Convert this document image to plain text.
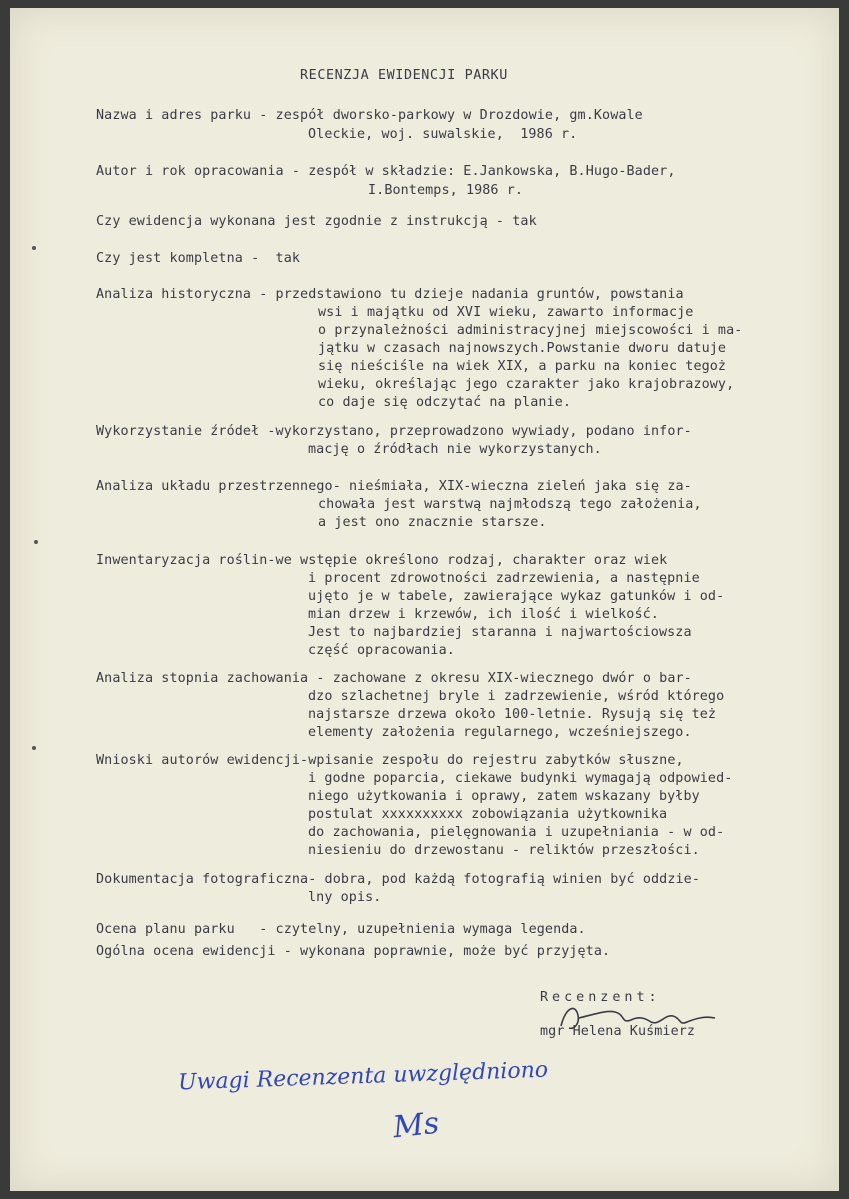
RECENZJA EWIDENCJI PARKU
Nazwa i adres parku - zespół dworsko-parkowy w Drozdowie, gm.Kowale
Oleckie, woj. suwalskie,  1986 r.
Autor i rok opracowania - zespół w składzie: E.Jankowska, B.Hugo-Bader,
I.Bontemps, 1986 r.
Czy ewidencja wykonana jest zgodnie z instrukcją - tak
Czy jest kompletna -  tak
Analiza historyczna - przedstawiono tu dzieje nadania gruntów, powstania
wsi i majątku od XVI wieku, zawarto informacje
o przynależności administracyjnej miejscowości i ma-
jątku w czasach najnowszych.Powstanie dworu datuje
się nieściśle na wiek XIX, a parku na koniec tegoż
wieku, określając jego czarakter jako krajobrazowy,
co daje się odczytać na planie.
Wykorzystanie źródeł -wykorzystano, przeprowadzono wywiady, podano infor-
mację o źródłach nie wykorzystanych.
Analiza układu przestrzennego- nieśmiała, XIX-wieczna zieleń jaka się za-
chowała jest warstwą najmłodszą tego założenia,
a jest ono znacznie starsze.
Inwentaryzacja roślin-we wstępie określono rodzaj, charakter oraz wiek
i procent zdrowotności zadrzewienia, a następnie
ujęto je w tabele, zawierające wykaz gatunków i od-
mian drzew i krzewów, ich ilość i wielkość.
Jest to najbardziej staranna i najwartościowsza
część opracowania.
Analiza stopnia zachowania - zachowane z okresu XIX-wiecznego dwór o bar-
dzo szlachetnej bryle i zadrzewienie, wśród którego
najstarsze drzewa około 100-letnie. Rysują się też
elementy założenia regularnego, wcześniejszego.
Wnioski autorów ewidencji-wpisanie zespołu do rejestru zabytków słuszne,
i godne poparcia, ciekawe budynki wymagają odpowied-
niego użytkowania i oprawy, zatem wskazany byłby
postulat xxxxxxxxxx zobowiązania użytkownika
do zachowania, pielęgnowania i uzupełniania - w od-
niesieniu do drzewostanu - reliktów przeszłości.
Dokumentacja fotograficzna- dobra, pod każdą fotografią winien być oddzie-
lny opis.
Ocena planu parku   - czytelny, uzupełnienia wymaga legenda.
Ogólna ocena ewidencji - wykonana poprawnie, może być przyjęta.
Recenzent:
mgr Helena Kuśmierz
Uwagi Recenzenta uwzględniono
Ms
